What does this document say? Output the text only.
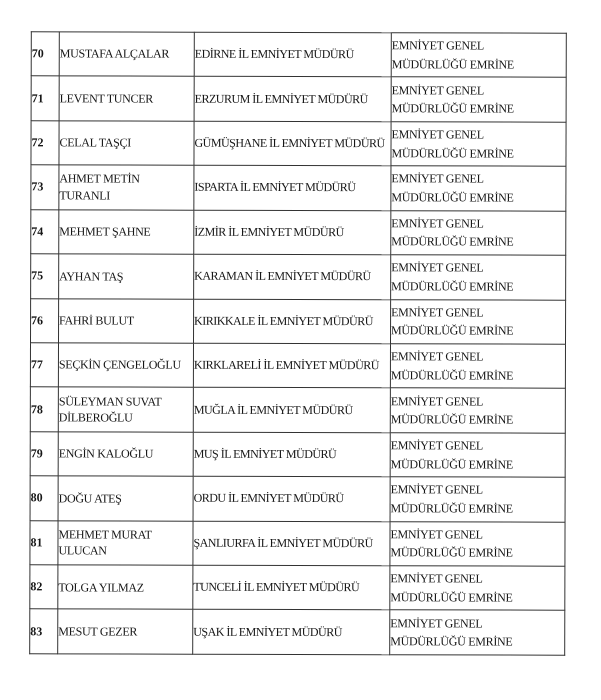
70	MUSTAFA ALÇALAR	EDİRNE İL EMNİYET MÜDÜRÜ	EMNİYET GENEL
MÜDÜRLÜĞÜ EMRİNE
71	LEVENT TUNCER	ERZURUM İL EMNİYET MÜDÜRÜ	EMNİYET GENEL
MÜDÜRLÜĞÜ EMRİNE
72	CELAL TAŞÇI	GÜMÜŞHANE İL EMNİYET MÜDÜRÜ	EMNİYET GENEL
MÜDÜRLÜĞÜ EMRİNE
73	AHMET METİN
TURANLI	ISPARTA İL EMNİYET MÜDÜRÜ	EMNİYET GENEL
MÜDÜRLÜĞÜ EMRİNE
74	MEHMET ŞAHNE	İZMİR İL EMNİYET MÜDÜRÜ	EMNİYET GENEL
MÜDÜRLÜĞÜ EMRİNE
75	AYHAN TAŞ	KARAMAN İL EMNİYET MÜDÜRÜ	EMNİYET GENEL
MÜDÜRLÜĞÜ EMRİNE
76	FAHRİ BULUT	KIRIKKALE İL EMNİYET MÜDÜRÜ	EMNİYET GENEL
MÜDÜRLÜĞÜ EMRİNE
77	SEÇKİN ÇENGELOĞLU	KIRKLARELİ İL EMNİYET MÜDÜRÜ	EMNİYET GENEL
MÜDÜRLÜĞÜ EMRİNE
78	SÜLEYMAN SUVAT
DİLBEROĞLU	MUĞLA İL EMNİYET MÜDÜRÜ	EMNİYET GENEL
MÜDÜRLÜĞÜ EMRİNE
79	ENGİN KALOĞLU	MUŞ İL EMNİYET MÜDÜRÜ	EMNİYET GENEL
MÜDÜRLÜĞÜ EMRİNE
80	DOĞU ATEŞ	ORDU İL EMNİYET MÜDÜRÜ	EMNİYET GENEL
MÜDÜRLÜĞÜ EMRİNE
81	MEHMET MURAT
ULUCAN	ŞANLIURFA İL EMNİYET MÜDÜRÜ	EMNİYET GENEL
MÜDÜRLÜĞÜ EMRİNE
82	TOLGA YILMAZ	TUNCELİ İL EMNİYET MÜDÜRÜ	EMNİYET GENEL
MÜDÜRLÜĞÜ EMRİNE
83	MESUT GEZER	UŞAK İL EMNİYET MÜDÜRÜ	EMNİYET GENEL
MÜDÜRLÜĞÜ EMRİNE
